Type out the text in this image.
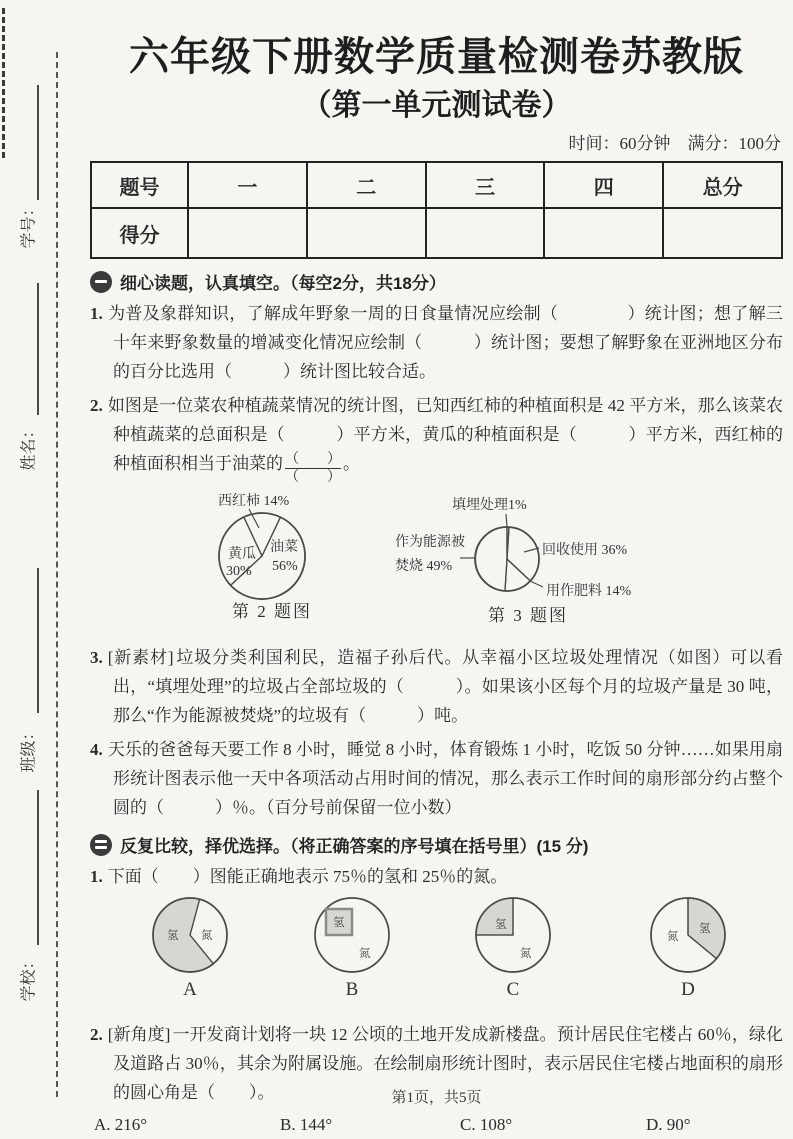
学号：
姓名：
班级：
学校：
六年级下册数学质量检测卷苏教版
（第一单元测试卷）
时间：60分钟　满分：100分
题号	一	二	三	四	总分
得分					
细心读题，认真填空。（每空2分，共18分）

1. 为普及象群知识，了解成年野象一周的日食量情况应绘制（　　　　）统计图；想了解三十年来野象数量的增减变化情况应绘制（　　　）统计图；要想了解野象在亚洲地区分布的百分比选用（　　　）统计图比较合适。

2. 如图是一位菜农种植蔬菜情况的统计图，已知西红柿的种植面积是 42 平方米，那么该菜农种植蔬菜的总面积是（　　　）平方米，黄瓜的种植面积是（　　　）平方米，西红柿的种植面积相当于油菜的 $\frac{( )}{( )}$ 。

西红柿 14%
黄瓜
30%
油菜
56%
第 2 题图
填埋处理1%
作为能源被
焚烧 49%
回收使用 36%
用作肥料 14%
第 3 题图

3. [新素材] 垃圾分类利国利民，造福子孙后代。从幸福小区垃圾处理情况（如图）可以看出，“填埋处理”的垃圾占全部垃圾的（　　　）。如果该小区每个月的垃圾产量是 30 吨，那么“作为能源被焚烧”的垃圾有（　　　）吨。

4. 天乐的爸爸每天要工作 8 小时，睡觉 8 小时，体育锻炼 1 小时，吃饭 50 分钟……如果用扇形统计图表示他一天中各项活动占用时间的情况，那么表示工作时间的扇形部分约占整个圆的（　　　）％。（百分号前保留一位小数）

反复比较，择优选择。（将正确答案的序号填在括号里）(15 分)

1. 下面（　　）图能正确地表示 75％的氢和 25％的氮。

氢 氮
A
氢
氮
B
氢
氮
C
氮
氢
D

2. [新角度] 一开发商计划将一块 12 公顷的土地开发成新楼盘。预计居民住宅楼占 60％，绿化及道路占 30％，其余为附属设施。在绘制扇形统计图时，表示居民住宅楼占地面积的扇形的圆心角是（　　）。

A. 216°	B. 144°	C. 108°	D. 90°
第1页，共5页
